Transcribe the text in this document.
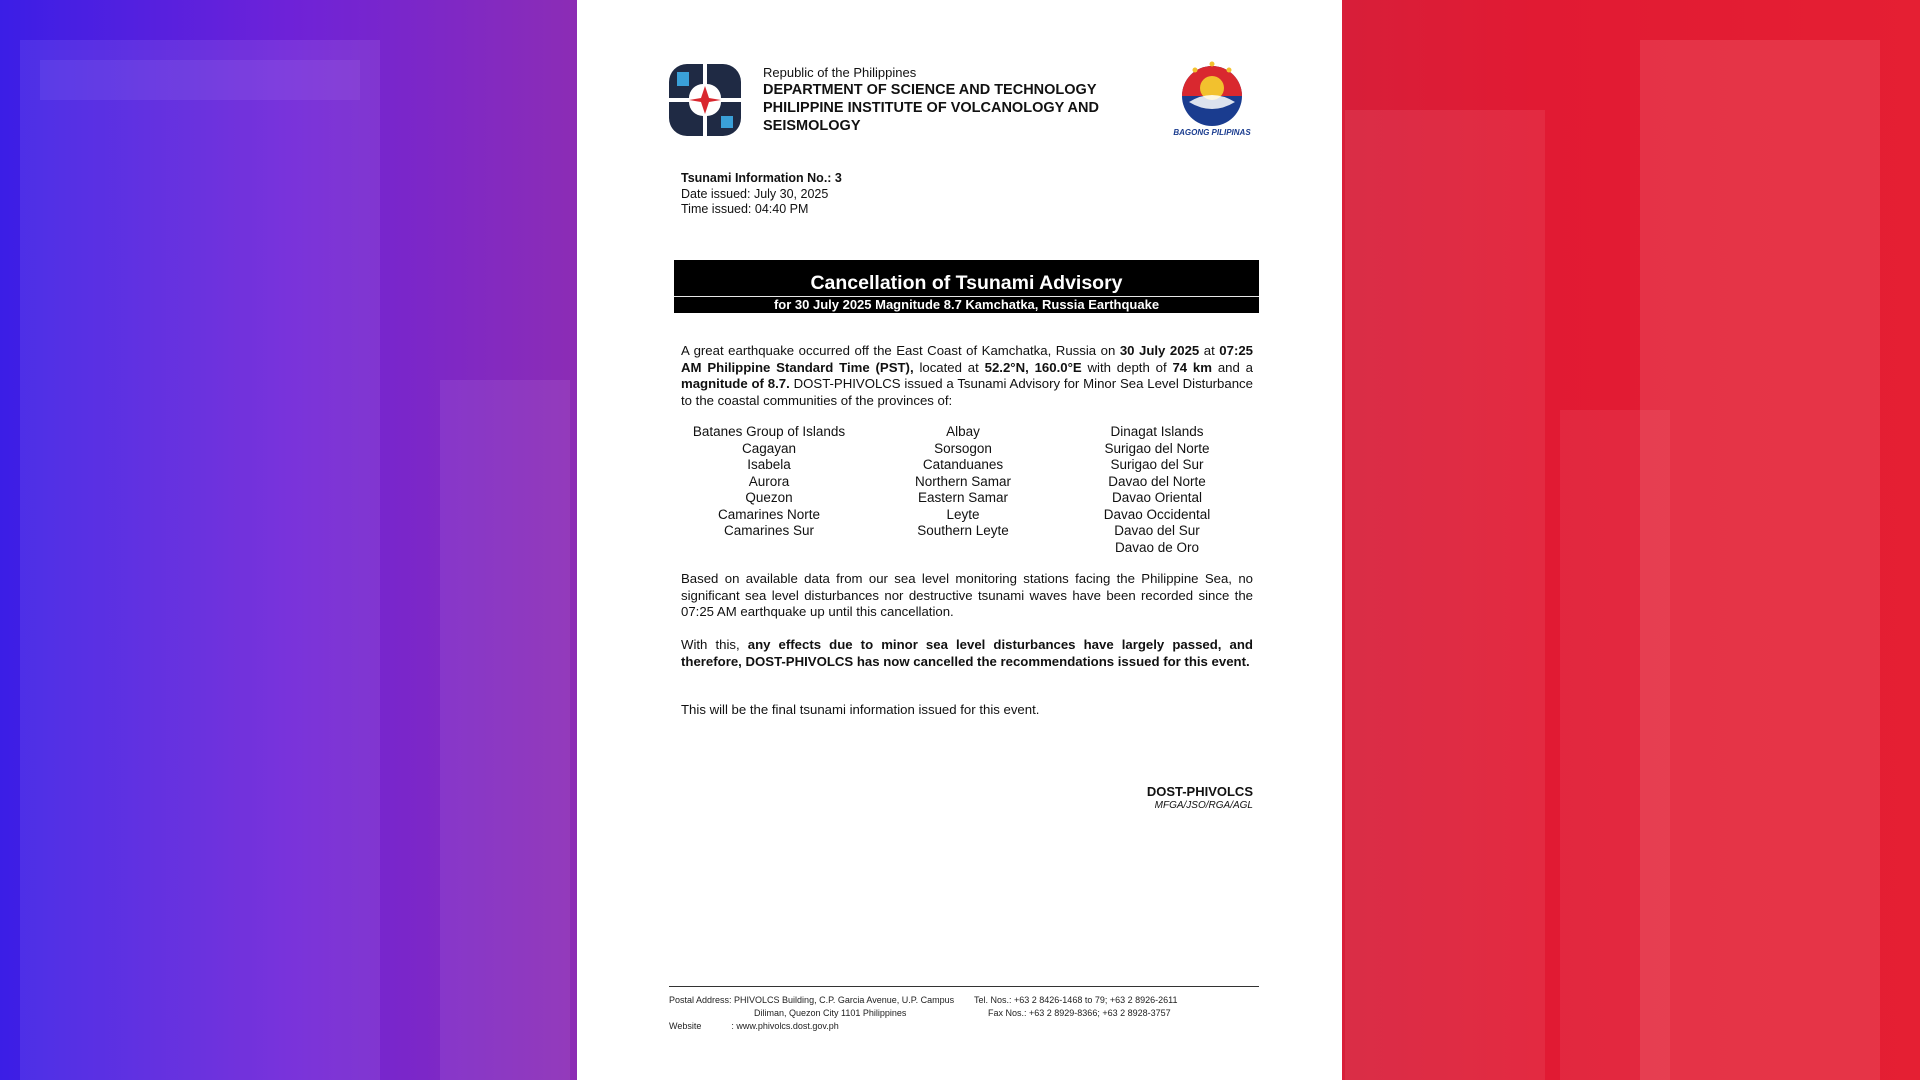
Republic of the Philippines
DEPARTMENT OF SCIENCE AND TECHNOLOGY
PHILIPPINE INSTITUTE OF VOLCANOLOGY AND
SEISMOLOGY	BAGONG PILIPINAS
Tsunami Information No.: 3
Date issued: July 30, 2025
Time issued: 04:40 PM
Cancellation of Tsunami Advisory
for 30 July 2025 Magnitude 8.7 Kamchatka, Russia Earthquake
A great earthquake occurred off the East Coast of Kamchatka, Russia on 30 July 2025 at 07:25 AM Philippine Standard Time (PST), located at 52.2°N, 160.0°E with depth of 74 km and a magnitude of 8.7. DOST-PHIVOLCS issued a Tsunami Advisory for Minor Sea Level Disturbance to the coastal communities of the provinces of:
Batanes Group of Islands
Cagayan
Isabela
Aurora
Quezon
Camarines Norte
Camarines Sur
Albay
Sorsogon
Catanduanes
Northern Samar
Eastern Samar
Leyte
Southern Leyte
Dinagat Islands
Surigao del Norte
Surigao del Sur
Davao del Norte
Davao Oriental
Davao Occidental
Davao del Sur
Davao de Oro
Based on available data from our sea level monitoring stations facing the Philippine Sea, no significant sea level disturbances nor destructive tsunami waves have been recorded since the 07:25 AM earthquake up until this cancellation.
With this, any effects due to minor sea level disturbances have largely passed, and therefore, DOST-PHIVOLCS has now cancelled the recommendations issued for this event.
This will be the final tsunami information issued for this event.
DOST-PHIVOLCS
MFGA/JSO/RGA/AGL
Postal Address: PHIVOLCS Building, C.P. Garcia Avenue, U.P. Campus
Diliman, Quezon City 1101 Philippines
Website	: www.phivolcs.dost.gov.ph
Tel. Nos.: +63 2 8426-1468 to 79; +63 2 8926-2611
Fax Nos.: +63 2 8929-8366; +63 2 8928-3757
